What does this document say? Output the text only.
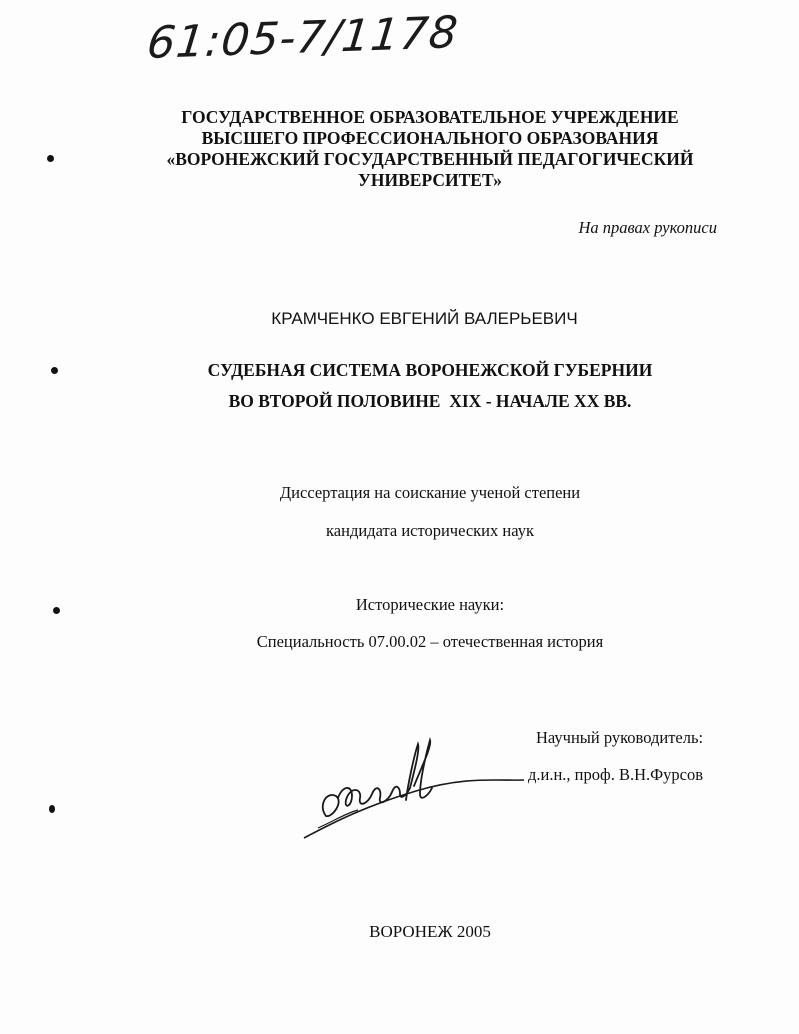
61:05-7/1178
ГОСУДАРСТВЕННОЕ ОБРАЗОВАТЕЛЬНОЕ УЧРЕЖДЕНИЕ
ВЫСШЕГО ПРОФЕССИОНАЛЬНОГО ОБРАЗОВАНИЯ
«ВОРОНЕЖСКИЙ ГОСУДАРСТВЕННЫЙ ПЕДАГОГИЧЕСКИЙ
УНИВЕРСИТЕТ»
На правах рукописи
КРАМЧЕНКО ЕВГЕНИЙ ВАЛЕРЬЕВИЧ
СУДЕБНАЯ СИСТЕМА ВОРОНЕЖСКОЙ ГУБЕРНИИ
ВО ВТОРОЙ ПОЛОВИНЕ  XIX - НАЧАЛЕ XX ВВ.
Диссертация на соискание ученой степени
кандидата исторических наук
Исторические науки:
Специальность 07.00.02 – отечественная история
Научный руководитель:
д.и.н., проф. В.Н.Фурсов
ВОРОНЕЖ 2005
